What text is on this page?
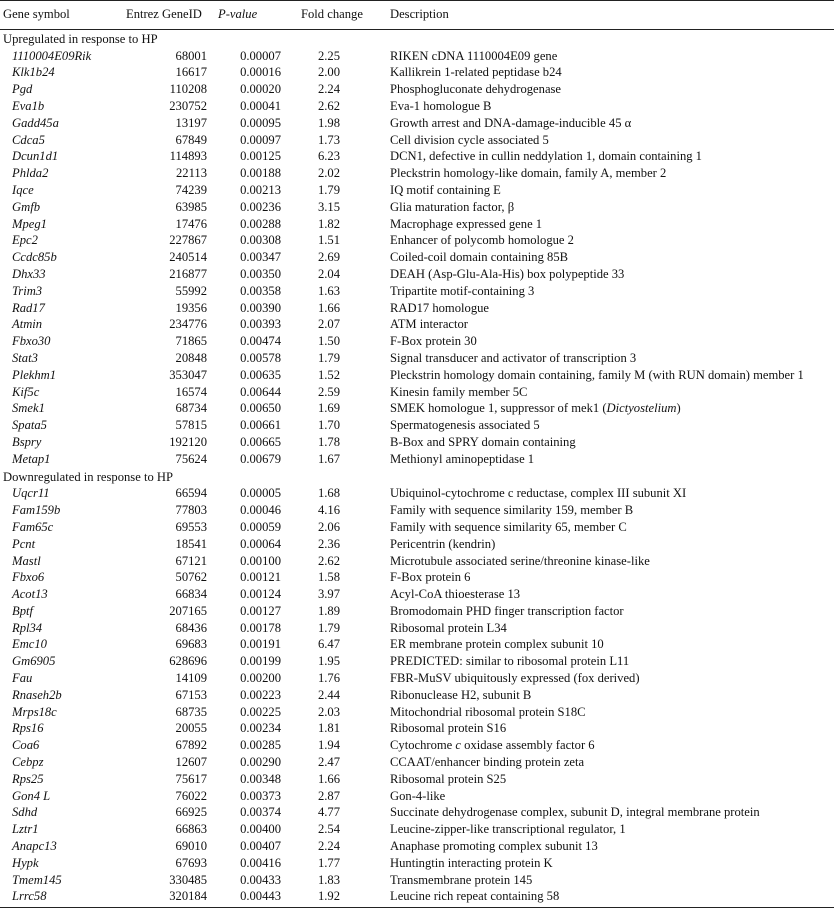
Gene symbol	Entrez GeneID	P-value	Fold change	Description
Upregulated in response to HP				
1110004E09Rik	68001	0.00007	2.25	RIKEN cDNA 1110004E09 gene
Klk1b24	16617	0.00016	2.00	Kallikrein 1-related peptidase b24
Pgd	110208	0.00020	2.24	Phosphogluconate dehydrogenase
Eva1b	230752	0.00041	2.62	Eva-1 homologue B
Gadd45a	13197	0.00095	1.98	Growth arrest and DNA-damage-inducible 45 α
Cdca5	67849	0.00097	1.73	Cell division cycle associated 5
Dcun1d1	114893	0.00125	6.23	DCN1, defective in cullin neddylation 1, domain containing 1
Phlda2	22113	0.00188	2.02	Pleckstrin homology-like domain, family A, member 2
Iqce	74239	0.00213	1.79	IQ motif containing E
Gmfb	63985	0.00236	3.15	Glia maturation factor, β
Mpeg1	17476	0.00288	1.82	Macrophage expressed gene 1
Epc2	227867	0.00308	1.51	Enhancer of polycomb homologue 2
Ccdc85b	240514	0.00347	2.69	Coiled-coil domain containing 85B
Dhx33	216877	0.00350	2.04	DEAH (Asp-Glu-Ala-His) box polypeptide 33
Trim3	55992	0.00358	1.63	Tripartite motif-containing 3
Rad17	19356	0.00390	1.66	RAD17 homologue
Atmin	234776	0.00393	2.07	ATM interactor
Fbxo30	71865	0.00474	1.50	F-Box protein 30
Stat3	20848	0.00578	1.79	Signal transducer and activator of transcription 3
Plekhm1	353047	0.00635	1.52	Pleckstrin homology domain containing, family M (with RUN domain) member 1
Kif5c	16574	0.00644	2.59	Kinesin family member 5C
Smek1	68734	0.00650	1.69	SMEK homologue 1, suppressor of mek1 (Dictyostelium)
Spata5	57815	0.00661	1.70	Spermatogenesis associated 5
Bspry	192120	0.00665	1.78	B-Box and SPRY domain containing
Metap1	75624	0.00679	1.67	Methionyl aminopeptidase 1
Downregulated in response to HP				
Uqcr11	66594	0.00005	1.68	Ubiquinol-cytochrome c reductase, complex III subunit XI
Fam159b	77803	0.00046	4.16	Family with sequence similarity 159, member B
Fam65c	69553	0.00059	2.06	Family with sequence similarity 65, member C
Pcnt	18541	0.00064	2.36	Pericentrin (kendrin)
Mastl	67121	0.00100	2.62	Microtubule associated serine/threonine kinase-like
Fbxo6	50762	0.00121	1.58	F-Box protein 6
Acot13	66834	0.00124	3.97	Acyl-CoA thioesterase 13
Bptf	207165	0.00127	1.89	Bromodomain PHD finger transcription factor
Rpl34	68436	0.00178	1.79	Ribosomal protein L34
Emc10	69683	0.00191	6.47	ER membrane protein complex subunit 10
Gm6905	628696	0.00199	1.95	PREDICTED: similar to ribosomal protein L11
Fau	14109	0.00200	1.76	FBR-MuSV ubiquitously expressed (fox derived)
Rnaseh2b	67153	0.00223	2.44	Ribonuclease H2, subunit B
Mrps18c	68735	0.00225	2.03	Mitochondrial ribosomal protein S18C
Rps16	20055	0.00234	1.81	Ribosomal protein S16
Coa6	67892	0.00285	1.94	Cytochrome c oxidase assembly factor 6
Cebpz	12607	0.00290	2.47	CCAAT/enhancer binding protein zeta
Rps25	75617	0.00348	1.66	Ribosomal protein S25
Gon4 L	76022	0.00373	2.87	Gon-4-like
Sdhd	66925	0.00374	4.77	Succinate dehydrogenase complex, subunit D, integral membrane protein
Lztr1	66863	0.00400	2.54	Leucine-zipper-like transcriptional regulator, 1
Anapc13	69010	0.00407	2.24	Anaphase promoting complex subunit 13
Hypk	67693	0.00416	1.77	Huntingtin interacting protein K
Tmem145	330485	0.00433	1.83	Transmembrane protein 145
Lrrc58	320184	0.00443	1.92	Leucine rich repeat containing 58
